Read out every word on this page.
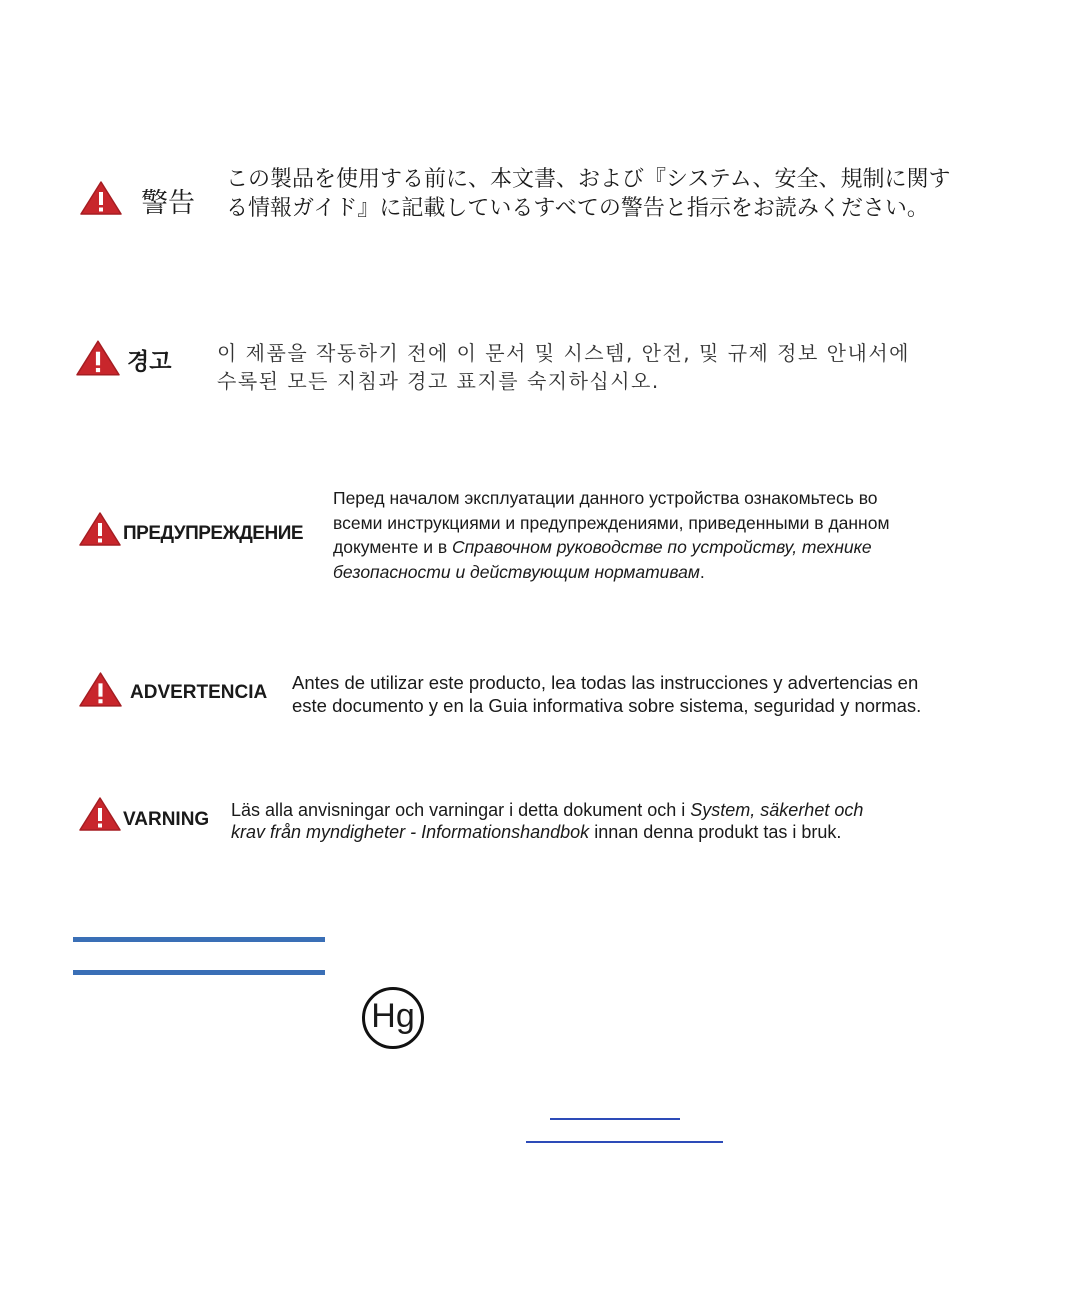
警告
この製品を使用する前に、本文書、および『システム、安全、規制に関す
る情報ガイド』に記載しているすべての警告と指示をお読みください。
경고 이 제품을 작동하기 전에 이 문서 및 시스템, 안전, 및 규제 정보 안내서에
수록된 모든 지침과 경고 표지를 숙지하십시오.
ПРЕДУПРЕЖДЕНИЕ
Перед началом эксплуатации данного устройства ознакомьтесь во
всеми инструкциями и предупреждениями, приведенными в данном
документе и в Справочном руководстве по устройству, технике
безопасности и действующим нормативам.
ADVERTENCIA Antes de utilizar este producto, lea todas las instrucciones y advertencias en
este documento y en la Guia informativa sobre sistema, seguridad y normas.
VARNING Läs alla anvisningar och varningar i detta dokument och i System, säkerhet och
krav från myndigheter - Informationshandbok innan denna produkt tas i bruk.
Hg
